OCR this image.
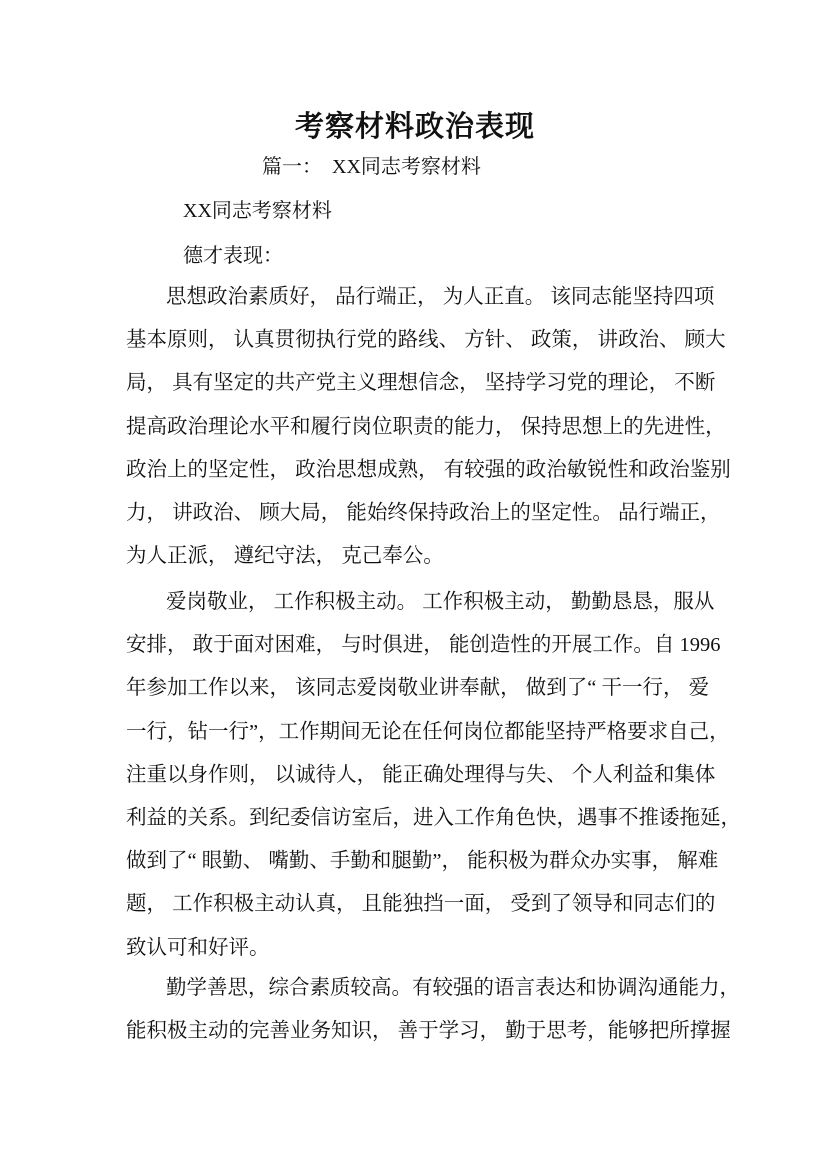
考察材料政治表现
篇一：　XX同志考察材料
XX同志考察材料
德才表现：
思想政治素质好， 品行端正， 为人正直。 该同志能坚持四项
基本原则， 认真贯彻执行党的路线、 方针、 政策， 讲政治、 顾大
局， 具有坚定的共产党主义理想信念， 坚持学习党的理论， 不断
提高政治理论水平和履行岗位职责的能力， 保持思想上的先进性，
政治上的坚定性， 政治思想成熟， 有较强的政治敏锐性和政治鉴别
力， 讲政治、 顾大局， 能始终保持政治上的坚定性。 品行端正，
为人正派， 遵纪守法， 克己奉公。
爱岗敬业， 工作积极主动。 工作积极主动， 勤勤恳恳，服从
安排， 敢于面对困难， 与时俱进， 能创造性的开展工作。自 1996
年参加工作以来， 该同志爱岗敬业讲奉献， 做到了“ 干一行， 爱
一行，钻一行”，工作期间无论在任何岗位都能坚持严格要求自己，
注重以身作则， 以诚待人， 能正确处理得与失、 个人利益和集体
利益的关系。到纪委信访室后，进入工作角色快，遇事不推诿拖延，
做到了“ 眼勤、 嘴勤、手勤和腿勤”， 能积极为群众办实事， 解难
题， 工作积极主动认真， 且能独挡一面， 受到了领导和同志们的
致认可和好评。
勤学善思，综合素质较高。有较强的语言表达和协调沟通能力，
能积极主动的完善业务知识， 善于学习， 勤于思考，能够把所撑握
